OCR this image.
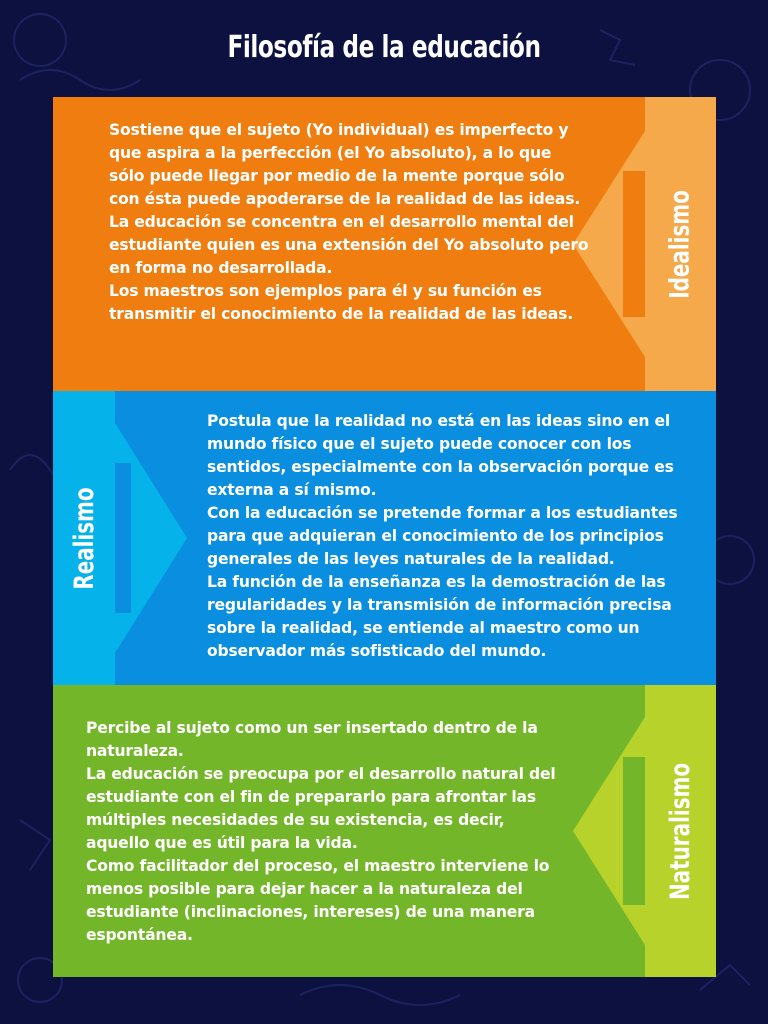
Filosofía de la educación
Idealismo

Sostiene que el sujeto (Yo individual) es imperfecto y que aspira a la perfección (el Yo absoluto), a lo que sólo puede llegar por medio de la mente porque sólo con ésta puede apoderarse de la realidad de las ideas.

La educación se concentra en el desarrollo mental del estudiante quien es una extensión del Yo absoluto pero en forma no desarrollada.

Los maestros son ejemplos para él y su función es transmitir el conocimiento de la realidad de las ideas.

Realismo

Postula que la realidad no está en las ideas sino en el mundo físico que el sujeto puede conocer con los sentidos, especialmente con la observación porque es externa a sí mismo.

Con la educación se pretende formar a los estudiantes para que adquieran el conocimiento de los principios generales de las leyes naturales de la realidad.

La función de la enseñanza es la demostración de las regularidades y la transmisión de información precisa sobre la realidad, se entiende al maestro como un observador más sofisticado del mundo.

Naturalismo

Percibe al sujeto como un ser insertado dentro de la naturaleza.

La educación se preocupa por el desarrollo natural del estudiante con el fin de prepararlo para afrontar las múltiples necesidades de su existencia, es decir, aquello que es útil para la vida.

Como facilitador del proceso, el maestro interviene lo menos posible para dejar hacer a la naturaleza del estudiante (inclinaciones, intereses) de una manera espontánea.
